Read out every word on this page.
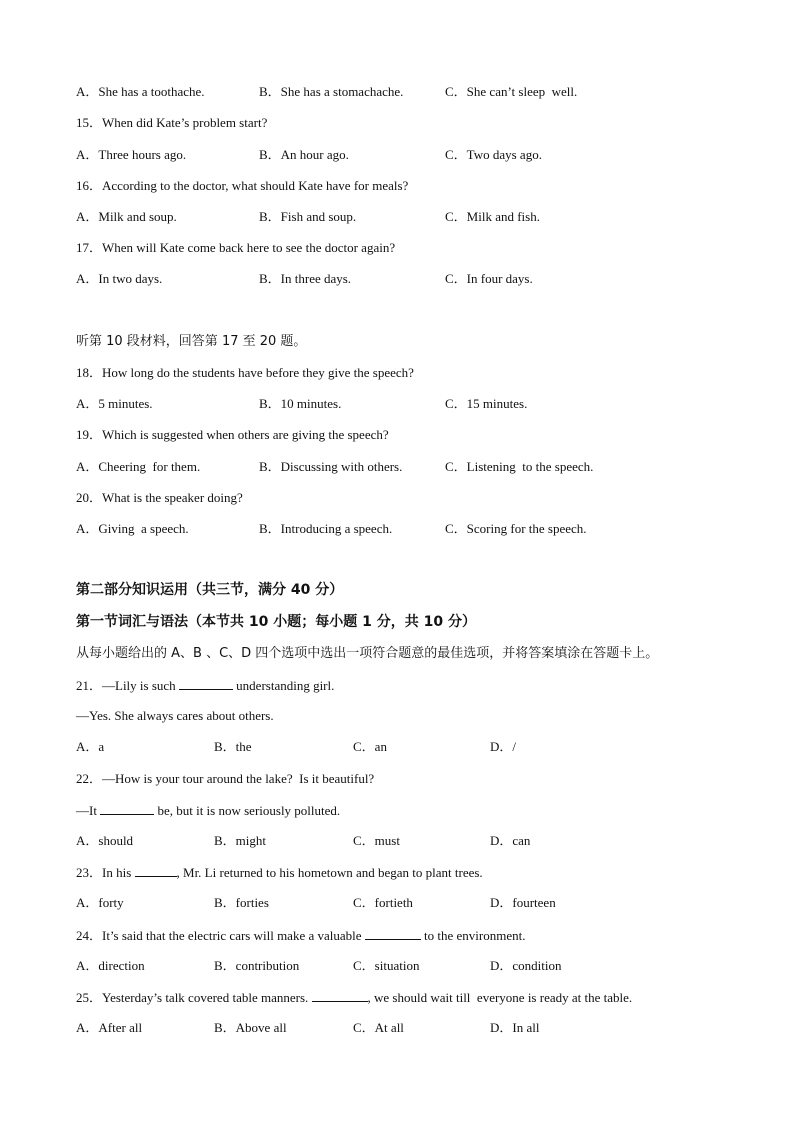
A．She has a toothache.	B．She has a stomachache.	C．She can’t sleep  well.
15．When did Kate’s problem start?
A．Three hours ago.	B．An hour ago.	C．Two days ago.
16．According to the doctor, what should Kate have for meals?
A．Milk and soup.	B．Fish and soup.	C．Milk and fish.
17．When will Kate come back here to see the doctor again?
A．In two days.	B．In three days.	C．In four days.
听第 10 段材料，回答第 17 至 20 题。
18．How long do the students have before they give the speech?
A．5 minutes.	B．10 minutes.	C．15 minutes.
19．Which is suggested when others are giving the speech?
A．Cheering  for them.	B．Discussing with others.	C．Listening  to the speech.
20．What is the speaker doing?
A．Giving  a speech.	B．Introducing a speech.	C．Scoring for the speech.
第二部分知识运用（共三节，满分 40 分）
第一节词汇与语法（本节共 10 小题；每小题 1 分，共 10 分）
从每小题给出的 A、B 、C、D 四个选项中选出一项符合题意的最佳选项，并将答案填涂在答题卡上。
21．—Lily is such	understanding girl.
—Yes. She always cares about others.
A．a	B．the	C．an	D．/
22．—How is your tour around the lake?  Is it beautiful?
—It	be, but it is now seriously polluted.
A．should	B．might	C．must	D．can
23．In his	, Mr. Li returned to his hometown and began to plant trees.
A．forty	B．forties	C．fortieth	D．fourteen
24．It’s said that the electric cars will make a valuable	to the environment.
A．direction	B．contribution	C．situation	D．condition
25．Yesterday’s talk covered table manners.	, we should wait till  everyone is ready at the table.
A．After all	B．Above all	C．At all	D．In all
